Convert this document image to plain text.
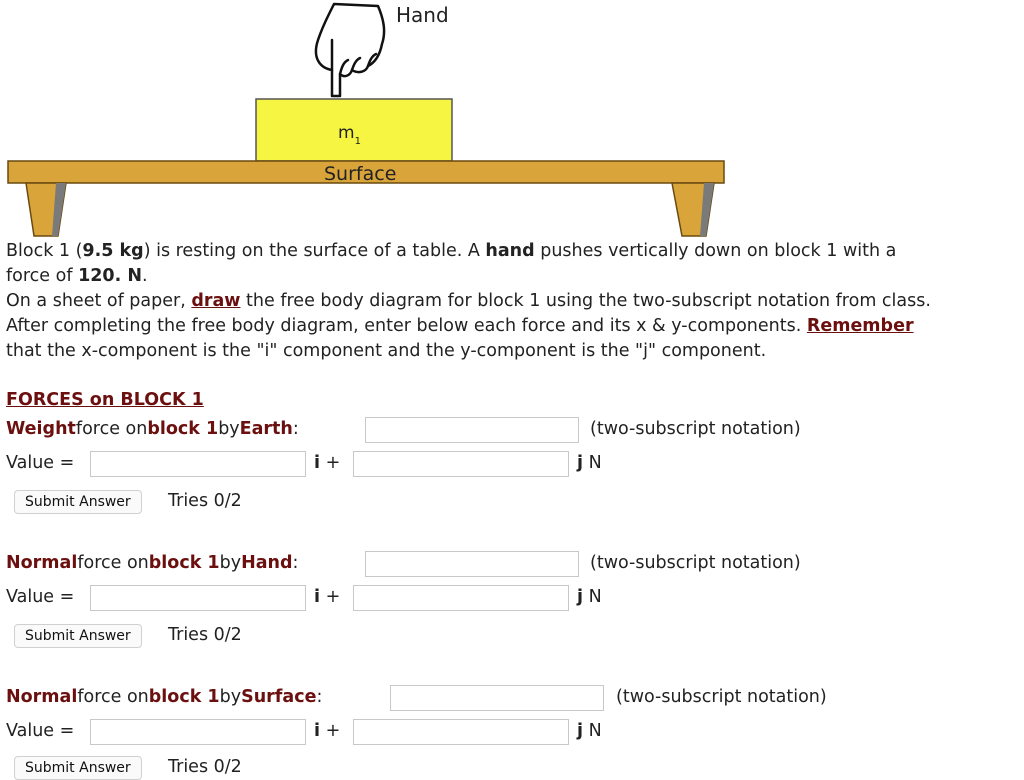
Hand
$m_1$
Surface
Block 1 (9.5 kg) is resting on the surface of a table. A hand pushes vertically down on block 1 with a
force of 120. N.
On a sheet of paper, draw the free body diagram for block 1 using the two-subscript notation from class.
After completing the free body diagram, enter below each force and its x & y-components. Remember
that the x-component is the "i" component and the y-component is the "j" component.
FORCES on BLOCK 1
Weight force on block 1 by Earth :	(two-subscript notation)
Value =	i +	j N
Submit Answer	Tries 0/2
Normal force on block 1 by Hand :	(two-subscript notation)
Value =	i +	j N
Submit Answer	Tries 0/2
Normal force on block 1 by Surface :	(two-subscript notation)
Value =	i +	j N
Submit Answer	Tries 0/2
